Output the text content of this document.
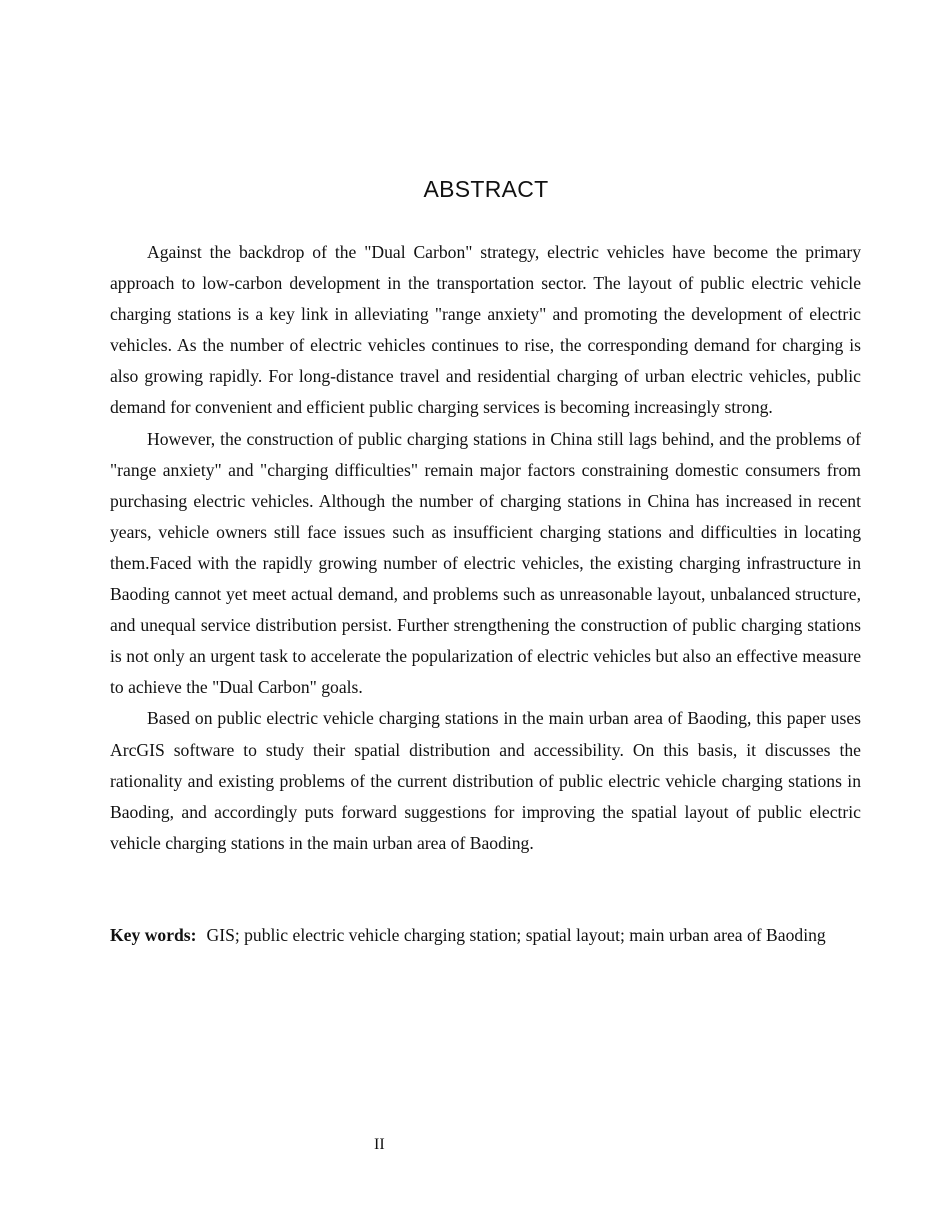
ABSTRACT

Against the backdrop of the "Dual Carbon" strategy, electric vehicles have become the primary approach to low-carbon development in the transportation sector. The layout of public electric vehicle charging stations is a key link in alleviating "range anxiety" and promoting the development of electric vehicles. As the number of electric vehicles continues to rise, the corresponding demand for charging is also growing rapidly. For long-distance travel and residential charging of urban electric vehicles, public demand for convenient and efficient public charging services is becoming increasingly strong.

However, the construction of public charging stations in China still lags behind, and the problems of "range anxiety" and "charging difficulties" remain major factors constraining domestic consumers from purchasing electric vehicles. Although the number of charging stations in China has increased in recent years, vehicle owners still face issues such as insufficient charging stations and difficulties in locating them.Faced with the rapidly growing number of electric vehicles, the existing charging infrastructure in Baoding cannot yet meet actual demand, and problems such as unreasonable layout, unbalanced structure, and unequal service distribution persist. Further strengthening the construction of public charging stations is not only an urgent task to accelerate the popularization of electric vehicles but also an effective measure to achieve the "Dual Carbon" goals.

Based on public electric vehicle charging stations in the main urban area of Baoding, this paper uses ArcGIS software to study their spatial distribution and accessibility. On this basis, it discusses the rationality and existing problems of the current distribution of public electric vehicle charging stations in Baoding, and accordingly puts forward suggestions for improving the spatial layout of public electric vehicle charging stations in the main urban area of Baoding.

Key words: GIS; public electric vehicle charging station; spatial layout; main urban area of Baoding
II
